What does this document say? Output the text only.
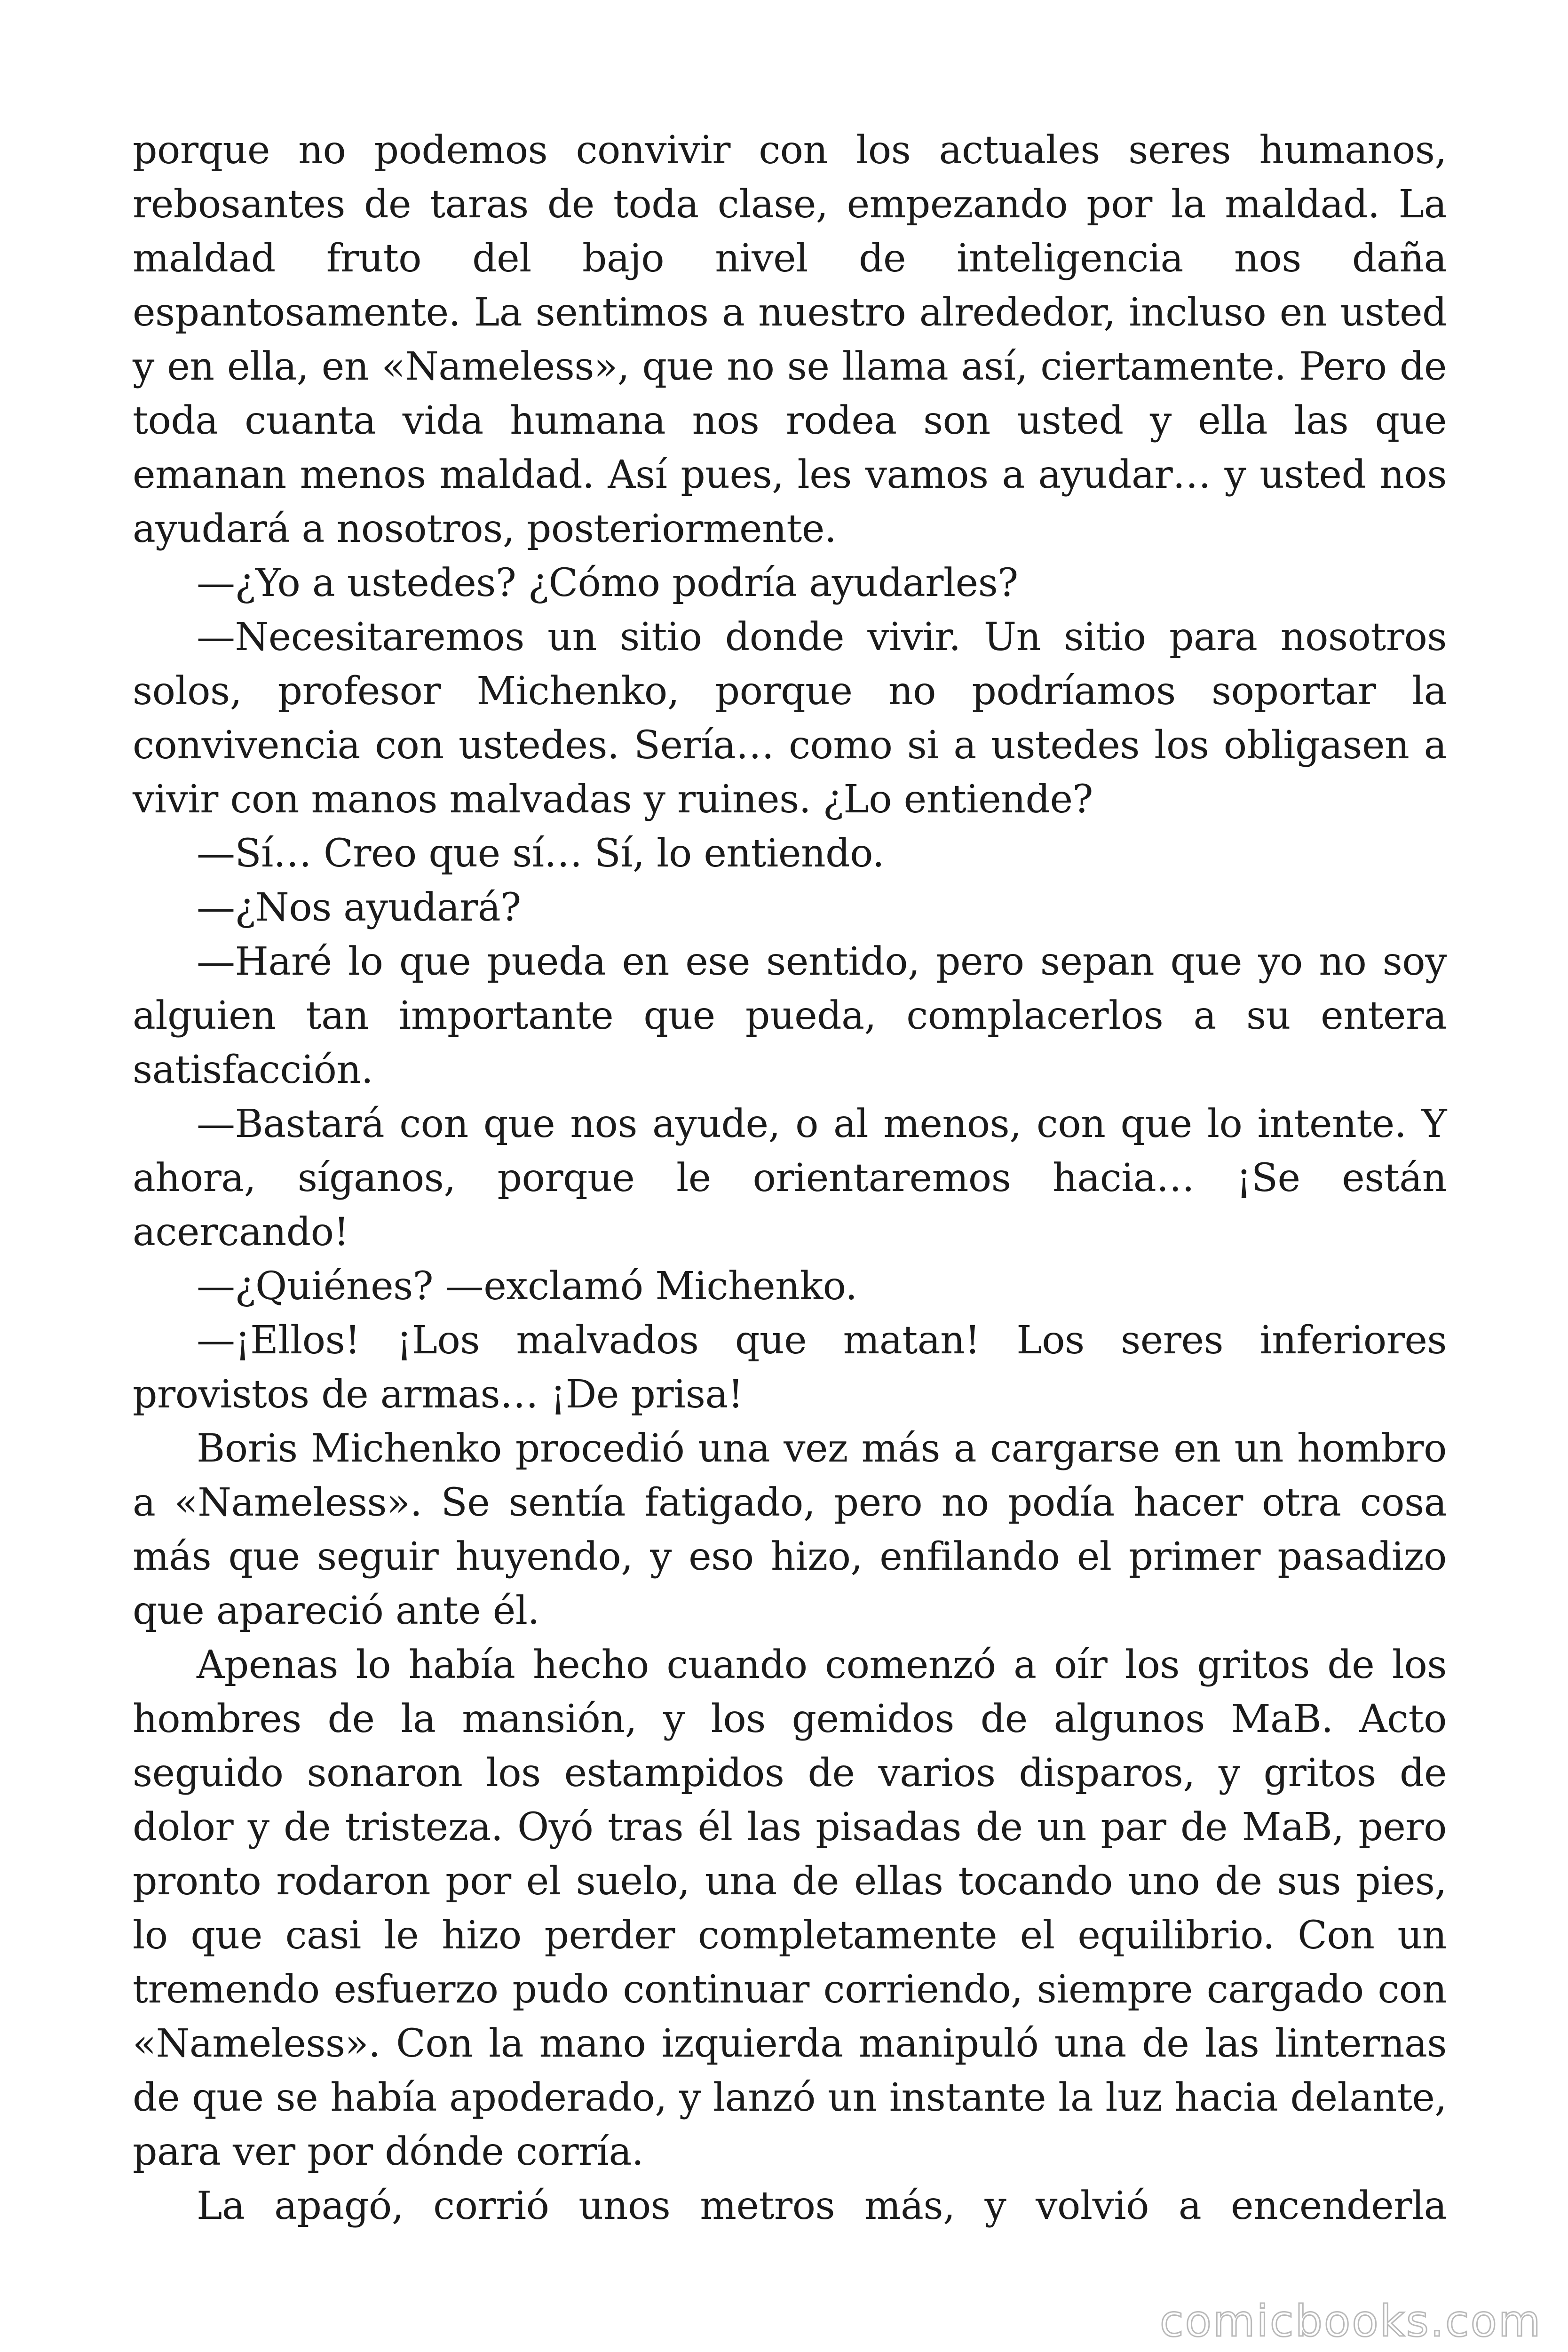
porque no podemos convivir con los actuales seres humanos, rebosantes de taras de toda clase, empezando por la maldad. La maldad fruto del bajo nivel de inteligencia nos daña espantosamente. La sentimos a nuestro alrededor, incluso en usted y en ella, en «Nameless», que no se llama así, ciertamente. Pero de toda cuanta vida humana nos rodea son usted y ella las que emanan menos maldad. Así pues, les vamos a ayudar… y usted nos ayudará a nosotros, posteriormente.

—¿Yo a ustedes? ¿Cómo podría ayudarles?

—Necesitaremos un sitio donde vivir. Un sitio para nosotros solos, profesor Michenko, porque no podríamos soportar la convivencia con ustedes. Sería… como si a ustedes los obligasen a vivir con manos malvadas y ruines. ¿Lo entiende?

—Sí… Creo que sí… Sí, lo entiendo.

—¿Nos ayudará?

—Haré lo que pueda en ese sentido, pero sepan que yo no soy alguien tan importante que pueda, complacerlos a su entera satisfacción.

—Bastará con que nos ayude, o al menos, con que lo intente. Y ahora, síganos, porque le orientaremos hacia… ¡Se están acercando!

—¿Quiénes? —exclamó Michenko.

—¡Ellos! ¡Los malvados que matan! Los seres inferiores provistos de armas… ¡De prisa!

Boris Michenko procedió una vez más a cargarse en un hombro a «Nameless». Se sentía fatigado, pero no podía hacer otra cosa más que seguir huyendo, y eso hizo, enfilando el primer pasadizo que apareció ante él.

Apenas lo había hecho cuando comenzó a oír los gritos de los hombres de la mansión, y los gemidos de algunos MaB. Acto seguido sonaron los estampidos de varios disparos, y gritos de dolor y de tristeza. Oyó tras él las pisadas de un par de MaB, pero pronto rodaron por el suelo, una de ellas tocando uno de sus pies, lo que casi le hizo perder completamente el equilibrio. Con un tremendo esfuerzo pudo continuar corriendo, siempre cargado con «Nameless». Con la mano izquierda manipuló una de las linternas de que se había apoderado, y lanzó un instante la luz hacia delante, para ver por dónde corría.

La apagó, corrió unos metros más, y volvió a encenderla

comicbooks.com
